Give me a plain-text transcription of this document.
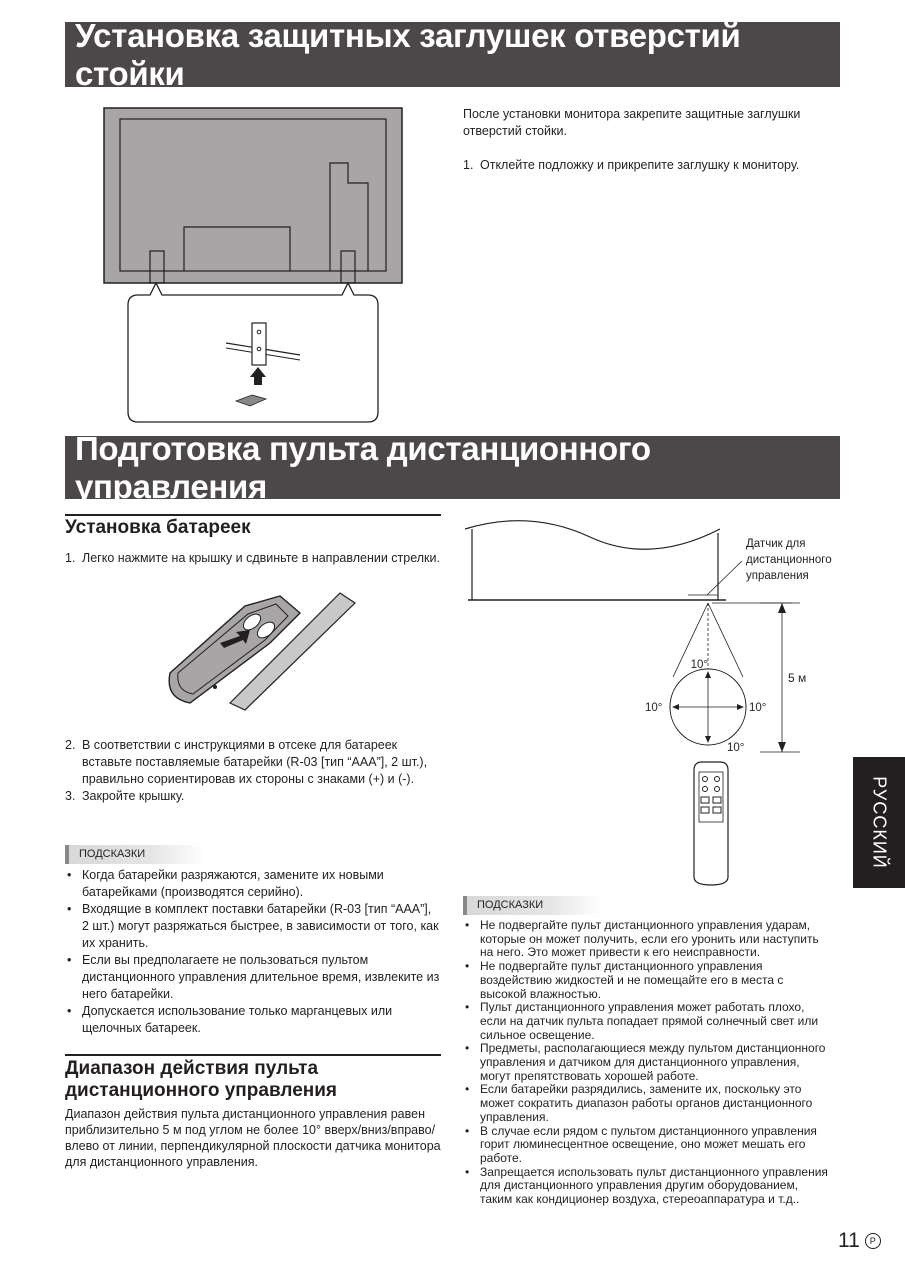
Установка защитных заглушек отверстий стойки
После установки монитора закрепите защитные заглушки отверстий стойки.
1. Отклейте подложку и прикрепите заглушку к монитору.
Подготовка пульта дистанционного управления
Установка батареек
1. Легко нажмите на крышку и сдвиньте в направлении стрелки.
2. В соответствии с инструкциями в отсеке для батареек вставьте поставляемые батарейки (R-03 [тип “AAA”], 2 шт.), правильно сориентировав их стороны с знаками (+) и (-).
3. Закройте крышку.
ПОДСКАЗКИ
• Когда батарейки разряжаются, замените их новыми батарейками (производятся серийно).
• Входящие в комплект поставки батарейки (R-03 [тип “AAA”], 2 шт.) могут разряжаться быстрее, в зависимости от того, как их хранить.
• Если вы предполагаете не пользоваться пультом дистанционного управления длительное время, извлеките из него батарейки.
• Допускается использование только марганцевых или щелочных батареек.
Диапазон действия пульта
дистанционного управления
Диапазон действия пульта дистанционного управления равен приблизительно 5 м под углом не более 10° вверх/вниз/вправо/влево от линии, перпендикулярной плоскости датчика монитора для дистанционного управления.
Датчик для
дистанционного
управления
5 м
10°
10°	10°
10°
ПОДСКАЗКИ
• Не подвергайте пульт дистанционного управления ударам, которые он может получить, если его уронить или наступить на него. Это может привести к его неисправности.
• Не подвергайте пульт дистанционного управления воздействию жидкостей и не помещайте его в места с высокой влажностью.
• Пульт дистанционного управления может работать плохо, если на датчик пульта попадает прямой солнечный свет или сильное освещение.
• Предметы, располагающиеся между пультом дистанционного управления и датчиком для дистанционного управления, могут препятствовать хорошей работе.
• Если батарейки разрядились, замените их, поскольку это может сократить диапазон работы органов дистанционного управления.
• В случае если рядом с пультом дистанционного управления горит люминесцентное освещение, оно может мешать его работе.
• Запрещается использовать пульт дистанционного управления для дистанционного управления другим оборудованием, таким как кондиционер воздуха, стереоаппаратура и т.д..
РУССКИЙ
11 P
